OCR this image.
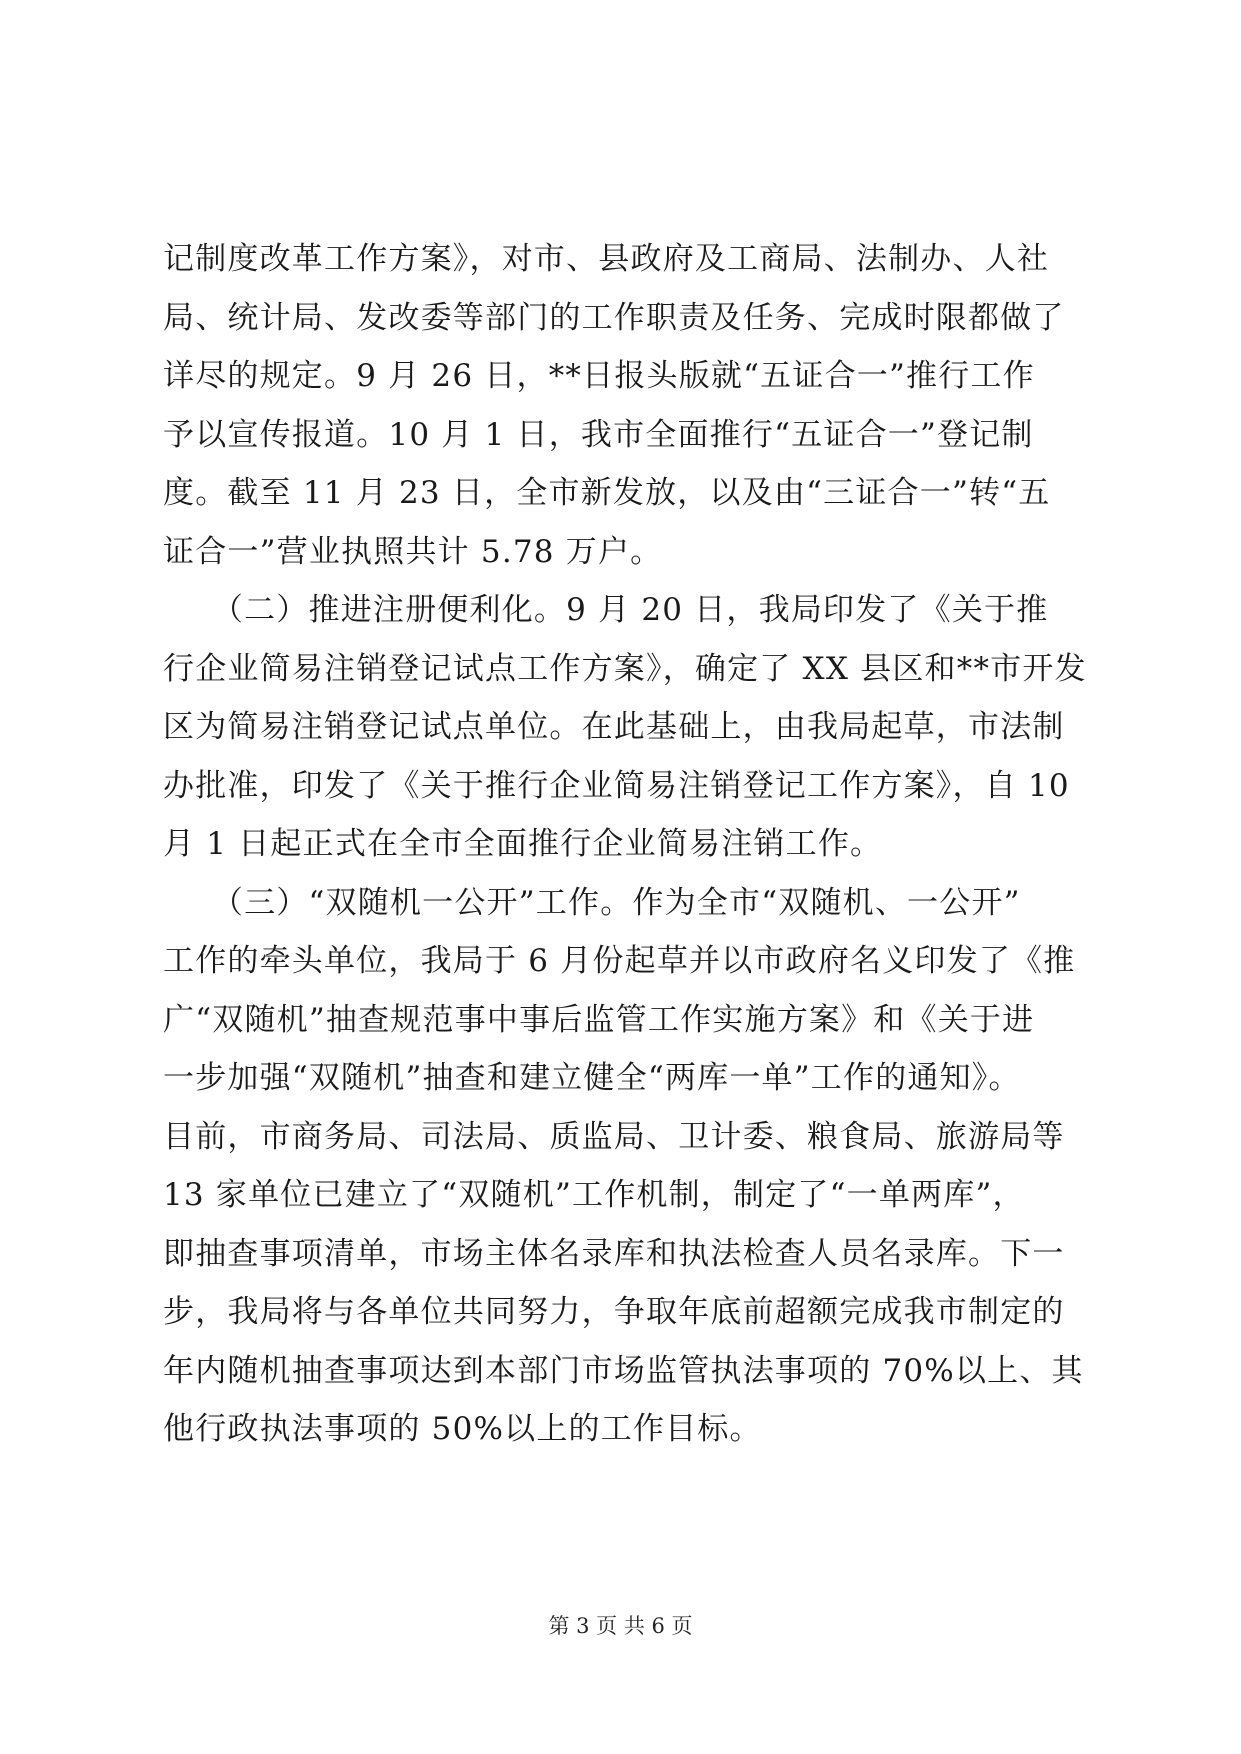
记制度改革工作方案》，对市、县政府及工商局、法制办、人社
局、统计局、发改委等部门的工作职责及任务、完成时限都做了
详尽的规定。9 月 26 日，**日报头版就“五证合一”推行工作
予以宣传报道。10 月 1 日，我市全面推行“五证合一”登记制
度。截至 11 月 23 日，全市新发放，以及由“三证合一”转“五
证合一”营业执照共计 5.78 万户。
　　（二）推进注册便利化。9 月 20 日，我局印发了《关于推
行企业简易注销登记试点工作方案》，确定了 XX 县区和**市开发
区为简易注销登记试点单位。在此基础上，由我局起草，市法制
办批准，印发了《关于推行企业简易注销登记工作方案》，自 10
月 1 日起正式在全市全面推行企业简易注销工作。
　　（三）“双随机一公开”工作。作为全市“双随机、一公开”
工作的牵头单位，我局于 6 月份起草并以市政府名义印发了《推
广“双随机”抽查规范事中事后监管工作实施方案》和《关于进
一步加强“双随机”抽查和建立健全“两库一单”工作的通知》。
目前，市商务局、司法局、质监局、卫计委、粮食局、旅游局等
13 家单位已建立了“双随机”工作机制，制定了“一单两库”，
即抽查事项清单，市场主体名录库和执法检查人员名录库。下一
步，我局将与各单位共同努力，争取年底前超额完成我市制定的
年内随机抽查事项达到本部门市场监管执法事项的 70%以上、其
他行政执法事项的 50%以上的工作目标。
第 3 页 共 6 页
